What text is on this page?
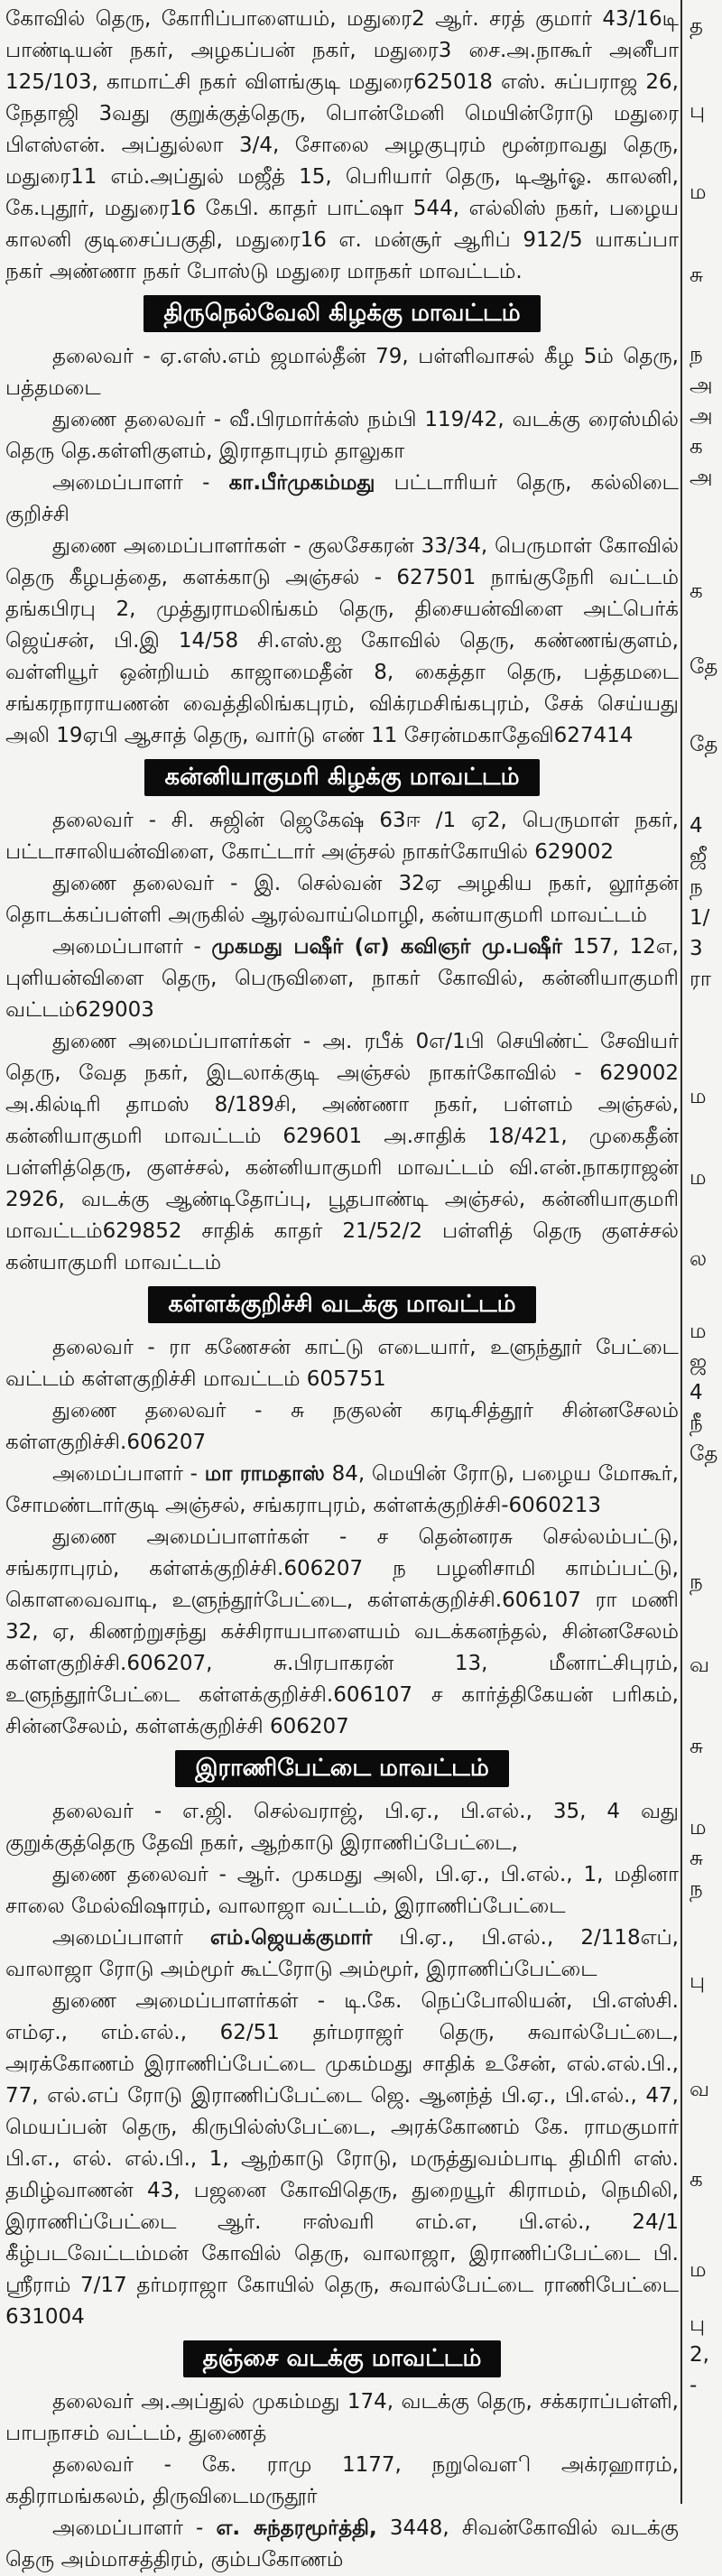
கோவில் தெரு, கோரிப்பாளையம், மதுரை2 ஆர். சரத் குமார் 43/16டி பாண்டியன் நகர், அழகப்பன் நகர், மதுரை3 சை.அ.நாகூர் அனீபா 125/103, காமாட்சி நகர் விளங்குடி மதுரை625018 எஸ். சுப்பராஜ 26, நேதாஜி 3வது குறுக்குத்தெரு, பொன்மேனி மெயின்ரோடு மதுரை பிஎஸ்என். அப்துல்லா 3/4, சோலை அழகுபுரம் மூன்றாவது தெரு, மதுரை11 எம்.அப்துல் மஜீத் 15, பெரியார் தெரு, டிஆர்ஓ. காலனி, கே.புதூர், மதுரை16 கேபி. காதர் பாட்ஷா 544, எல்லிஸ் நகர், பழைய காலனி குடிசைப்பகுதி, மதுரை16 எ. மன்சூர் ஆரிப் 912/5 யாகப்பா நகர் அண்ணா நகர் போஸ்டு மதுரை மாநகர் மாவட்டம்.

திருநெல்வேலி கிழக்கு மாவட்டம்

தலைவர் - ஏ.எஸ்.எம் ஜமால்தீன் 79, பள்ளிவாசல் கீழ 5ம் தெரு, பத்தமடை

துணை தலைவர் - வீ.பிரமார்க்ஸ் நம்பி 119/42, வடக்கு ரைஸ்மில் தெரு தெ.கள்ளிகுளம், இராதாபுரம் தாலுகா

அமைப்பாளர் - கா.பீர்முகம்மது பட்டாரியர் தெரு, கல்லிடை குறிச்சி

துணை அமைப்பாளர்கள் - குலசேகரன் 33/34, பெருமாள் கோவில் தெரு கீழபத்தை, களக்காடு அஞ்சல் - 627501 நாங்குநேரி வட்டம் தங்கபிரபு 2, முத்துராமலிங்கம் தெரு, திசையன்விளை அட்பெர்க் ஜெய்சன், பி.இ 14/58 சி.எஸ்.ஐ கோவில் தெரு, கண்ணங்குளம், வள்ளியூர் ஒன்றியம் காஜாமைதீன் 8, கைத்தா தெரு, பத்தமடை சங்கரநாராயணன் வைத்திலிங்கபுரம், விக்ரமசிங்கபுரம், சேக் செய்யது அலி 19ஏபி ஆசாத் தெரு, வார்டு எண் 11 சேரன்மகாதேவி627414

கன்னியாகுமரி கிழக்கு மாவட்டம்

தலைவர் - சி. சுஜின் ஜெகேஷ் 63ஈ /1 ஏ2, பெருமாள் நகர், பட்டாசாலியன்விளை, கோட்டார் அஞ்சல் நாகர்கோயில் 629002

துணை தலைவர் - இ. செல்வன் 32ஏ அழகிய நகர், லூர்தன் தொடக்கப்பள்ளி அருகில் ஆரல்வாய்மொழி, கன்யாகுமரி மாவட்டம்

அமைப்பாளர் - முகமது பஷீர் (எ) கவிஞர் மு.பஷீர் 157, 12எ, புளியன்விளை தெரு, பெருவிளை, நாகர் கோவில், கன்னியாகுமரி வட்டம்629003

துணை அமைப்பாளர்கள் - அ. ரபீக் 0எ/1பி செயிண்ட் சேவியர் தெரு, வேத நகர், இடலாக்குடி அஞ்சல் நாகர்கோவில் - 629002 அ.கில்டிரி தாமஸ் 8/189சி, அண்ணா நகர், பள்ளம் அஞ்சல், கன்னியாகுமரி மாவட்டம் 629601 அ.சாதிக் 18/421, முகைதீன் பள்ளித்தெரு, குளச்சல், கன்னியாகுமரி மாவட்டம் வி.என்.நாகராஜன் 2926, வடக்கு ஆண்டிதோப்பு, பூதபாண்டி அஞ்சல், கன்னியாகுமரி மாவட்டம்629852 சாதிக் காதர் 21/52/2 பள்ளித் தெரு குளச்சல் கன்யாகுமரி மாவட்டம்

கள்ளக்குறிச்சி வடக்கு மாவட்டம்

தலைவர் - ரா கணேசன் காட்டு எடையார், உளுந்தூர் பேட்டை வட்டம் கள்ளகுறிச்சி மாவட்டம் 605751

துணை தலைவர் - சு நகுலன் கரடிசித்தூர் சின்னசேலம் கள்ளகுறிச்சி.606207

அமைப்பாளர் - மா ராமதாஸ் 84, மெயின் ரோடு, பழைய மோகூர், சோமண்டார்குடி அஞ்சல், சங்கராபுரம், கள்ளக்குறிச்சி-6060213

துணை அமைப்பாளர்கள் - ச தென்னரசு செல்லம்பட்டு, சங்கராபுரம், கள்ளக்குறிச்சி.606207 ந பழனிசாமி காம்ப்பட்டு, கொளவைவாடி, உளுந்தூர்பேட்டை, கள்ளக்குறிச்சி.606107 ரா மணி 32, ஏ, கிணற்றுசந்து கச்சிராயபாளையம் வடக்கனந்தல், சின்னசேலம் கள்ளகுறிச்சி.606207, சு.பிரபாகரன் 13, மீனாட்சிபுரம், உளுந்தூர்பேட்டை கள்ளக்குறிச்சி.606107 ச கார்த்திகேயன் பரிகம், சின்னசேலம், கள்ளக்குறிச்சி 606207

இராணிபேட்டை மாவட்டம்

தலைவர் - எ.ஜி. செல்வராஜ், பி.ஏ., பி.எல்., 35, 4 வது குறுக்குத்தெரு தேவி நகர், ஆற்காடு இராணிப்பேட்டை,

துணை தலைவர் - ஆர். முகமது அலி, பி.ஏ., பி.எல்., 1, மதினா சாலை மேல்விஷாரம், வாலாஜா வட்டம், இராணிப்பேட்டை

அமைப்பாளர் எம்.ஜெயக்குமார் பி.ஏ., பி.எல்., 2/118எப், வாலாஜா ரோடு அம்மூர் கூட்ரோடு அம்மூர், இராணிப்பேட்டை

துணை அமைப்பாளர்கள் - டி.கே. நெப்போலியன், பி.எஸ்சி. எம்ஏ., எம்.எல்., 62/51 தர்மராஜா் தெரு, சுவால்பேட்டை, அரக்கோணம் இராணிப்பேட்டை முகம்மது சாதிக் உசேன், எல்.எல்.பி., 77, எல்.எப் ரோடு இராணிப்பேட்டை ஜெ. ஆனந்த் பி.ஏ., பி.எல்., 47, மெயப்பன் தெரு, கிருபில்ஸ்பேட்டை, அரக்கோணம் கே. ராமகுமார் பி.எ., எல். எல்.பி., 1, ஆற்காடு ரோடு, மருத்துவம்பாடி திமிரி எஸ். தமிழ்வாணன் 43, பஜனை கோவிதெரு, துறையூர் கிராமம், நெமிலி, இராணிப்பேட்டை ஆர். ஈஸ்வரி எம்.எ, பி.எல்., 24/1 கீழ்படவேட்டம்மன் கோவில் தெரு, வாலாஜா, இராணிப்பேட்டை பி. ஸ்ரீராம் 7/17 தர்மராஜா கோயில் தெரு, சுவால்பேட்டை ராணிபேட்டை 631004

தஞ்சை வடக்கு மாவட்டம்

தலைவர் அ.அப்துல் முகம்மது 174, வடக்கு தெரு, சக்கராப்பள்ளி, பாபநாசம் வட்டம், துணைத்

தலைவர் - கே. ராமு 1177, நறுவௌி அக்ரஹாரம், கதிராமங்கலம், திருவிடைமருதூர்

அமைப்பாளர் - எ. சுந்தரமூர்த்தி, 3448, சிவன்கோவில் வடக்கு தெரு அம்மாசத்திரம், கும்பகோணம்

த
பு
ம
சு
ந
அ
அ
க
அ
க
தே
தே
4
ஜீ
ந
1/
3
ரா
ம
ம
ல
ம
ஜ
4
நீ
தே
ந
வ
சு
ம
சு
ந
பு
வ
க
ம
பு
2,
-
